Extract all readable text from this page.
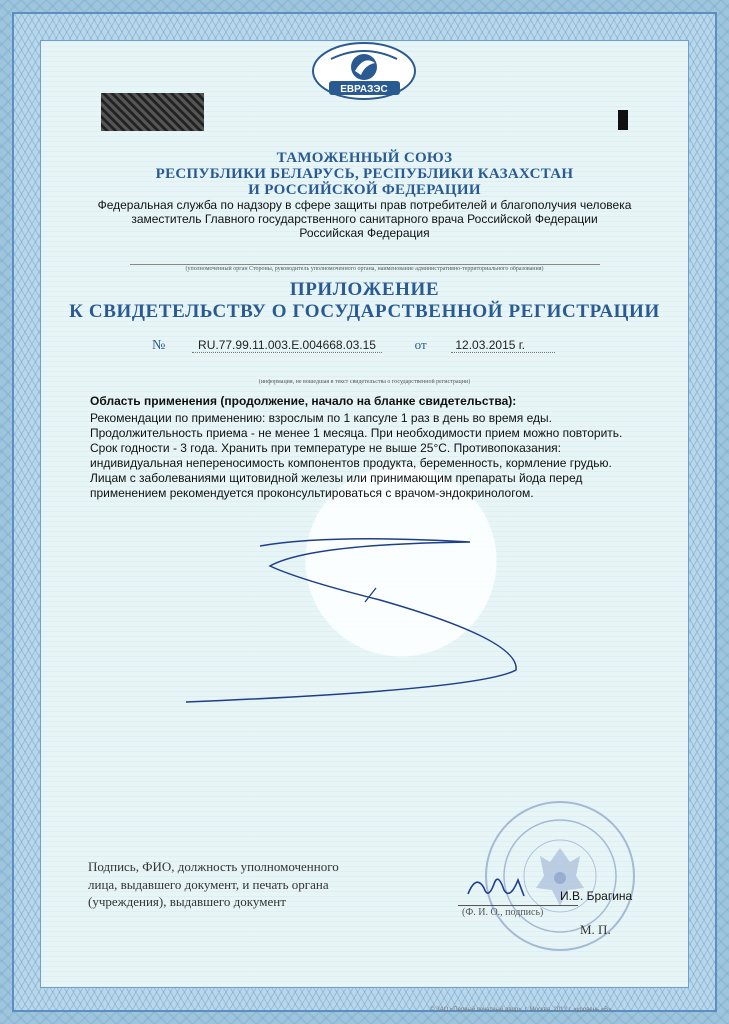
ЕВРАЗЭС
ТАМОЖЕННЫЙ СОЮЗ
РЕСПУБЛИКИ БЕЛАРУСЬ, РЕСПУБЛИКИ КАЗАХСТАН
И РОССИЙСКОЙ ФЕДЕРАЦИИ
Федеральная служба по надзору в сфере защиты прав потребителей и благополучия человека
заместитель Главного государственного санитарного врача Российской Федерации
Российская Федерация
(уполномоченный орган Стороны, руководитель уполномоченного органа, наименование административно-территориального образования)
ПРИЛОЖЕНИЕ
К СВИДЕТЕЛЬСТВУ О ГОСУДАРСТВЕННОЙ РЕГИСТРАЦИИ
№	RU.77.99.11.003.E.004668.03.15	от 12.03.2015 г.
(информация, не вошедшая в текст свидетельства о государственной регистрации)
Область применения (продолжение, начало на бланке свидетельства):
Рекомендации по применению: взрослым по 1 капсуле 1 раз в день во время еды.
Продолжительность приема - не менее 1 месяца. При необходимости прием можно повторить.
Срок годности - 3 года. Хранить при температуре не выше 25°С. Противопоказания:
индивидуальная непереносимость компонентов продукта, беременность, кормление грудью.
Лицам с заболеваниями щитовидной железы или принимающим препараты йода перед
применением рекомендуется проконсультироваться с врачом-эндокринологом.
Подпись, ФИО, должность уполномоченного
лица, выдавшего документ, и печать органа
(учреждения), выдавшего документ	И.В. Брагина
(Ф. И. О., подпись)
М. П.
© ЗАО «Первый печатный двор», г. Москва, 2013 г. «уровень «В»
